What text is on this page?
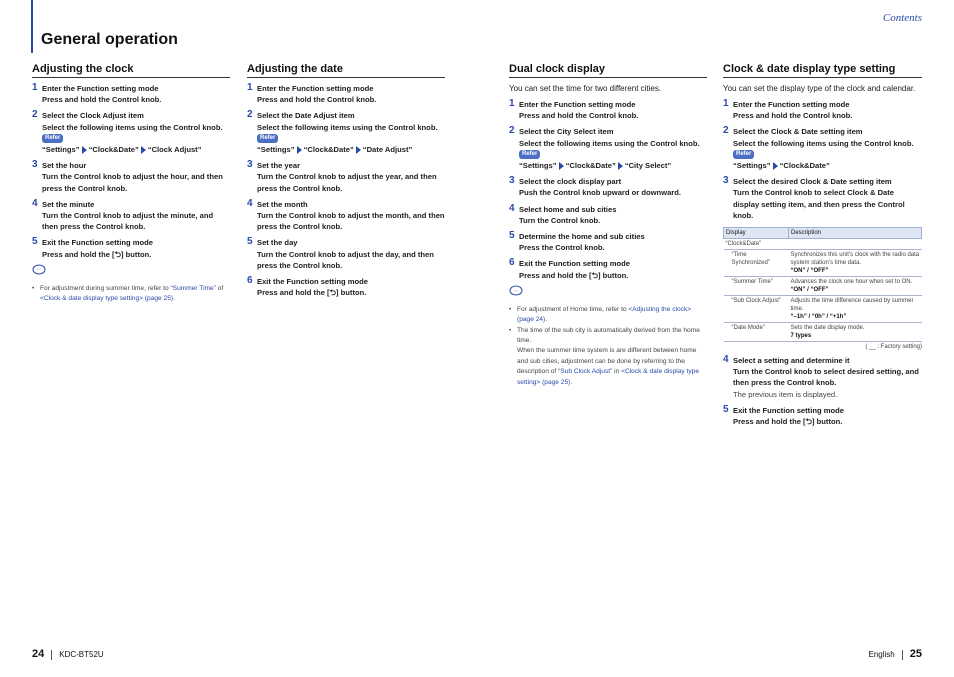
General operation
Contents
Adjusting the clock
1 Enter the Function setting mode
Press and hold the Control knob.
2 Select the Clock Adjust item
Select the following items using the Control knob. Refer
“Settings” “Clock&Date” “Clock Adjust”
3 Set the hour
Turn the Control knob to adjust the hour, and then press the Control knob.
4 Set the minute
Turn the Control knob to adjust the minute, and then press the Control knob.
5 Exit the Function setting mode
Press and hold the [⮌] button.
···
• For adjustment during summer time, refer to “Summer Time” of <Clock & date display type setting> (page 25).
Adjusting the date
1 Enter the Function setting mode
Press and hold the Control knob.
2 Select the Date Adjust item
Select the following items using the Control knob. Refer
“Settings” “Clock&Date” “Date Adjust”
3 Set the year
Turn the Control knob to adjust the year, and then press the Control knob.
4 Set the month
Turn the Control knob to adjust the month, and then press the Control knob.
5 Set the day
Turn the Control knob to adjust the day, and then press the Control knob.
6 Exit the Function setting mode
Press and hold the [⮌] button.
Dual clock display
You can set the time for two different cities.
1 Enter the Function setting mode
Press and hold the Control knob.
2 Select the City Select item
Select the following items using the Control knob. Refer
“Settings” “Clock&Date” “City Select”
3 Select the clock display part
Push the Control knob upward or downward.
4 Select home and sub cities
Turn the Control knob.
5 Determine the home and sub cities
Press the Control knob.
6 Exit the Function setting mode
Press and hold the [⮌] button.
···
• For adjustment of Home time, refer to <Adjusting the clock> (page 24).
• The time of the sub city is automatically derived from the home time.
When the summer time system is are different between home and sub cities, adjustment can be done by referring to the description of “Sub Clock Adjust” in <Clock & date display type setting> (page 25).
Clock & date display type setting
You can set the display type of the clock and calendar.
1 Enter the Function setting mode
Press and hold the Control knob.
2 Select the Clock & Date setting item
Select the following items using the Control knob. Refer
“Settings” “Clock&Date”
3 Select the desired Clock & Date setting item
Turn the Control knob to select Clock & Date display setting item, and then press the Control knob.
Display	Description
“Clock&Date”	
“Time Synchronized”	Synchronizes this unit’s clock with the radio data system station’s time data.
“ON” / “OFF”
“Summer Time”	Advances the clock one hour when set to ON.
“ON” / “OFF”
“Sub Clock Adjust”	Adjusts the time difference caused by summer time.
“–1h” / “0h” / “+1h”
“Date Mode”	Sets the date display mode.
7 types
( __ : Factory setting)
4 Select a setting and determine it
Turn the Control knob to select desired setting, and then press the Control knob.
The previous item is displayed.
5 Exit the Function setting mode
Press and hold the [⮌] button.
24 KDC-BT52U	English 25
